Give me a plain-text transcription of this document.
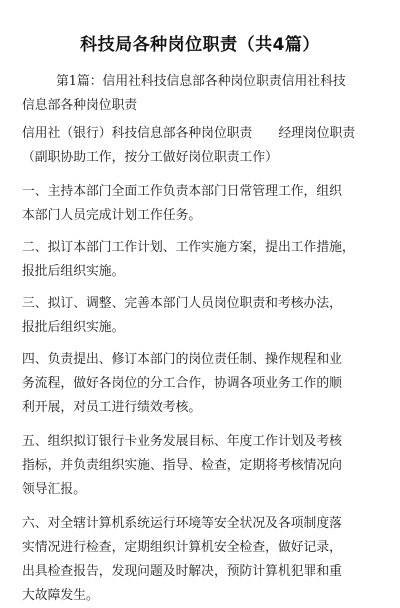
科技局各种岗位职责（共4篇）
第1篇：信用社科技信息部各种岗位职责信用社科技
信息部各种岗位职责
信用社（银行）科技信息部各种岗位职责 经理岗位职责
（副职协助工作，按分工做好岗位职责工作）
一、主持本部门全面工作负责本部门日常管理工作，组织
本部门人员完成计划工作任务。
二、拟订本部门工作计划、工作实施方案，提出工作措施，
报批后组织实施。
三、拟订、调整、完善本部门人员岗位职责和考核办法，
报批后组织实施。
四、负责提出、修订本部门的岗位责任制、操作规程和业
务流程，做好各岗位的分工合作，协调各项业务工作的顺
利开展，对员工进行绩效考核。
五、组织拟订银行卡业务发展目标、年度工作计划及考核
指标，并负责组织实施、指导、检查，定期将考核情况向
领导汇报。
六、对全辖计算机系统运行环境等安全状况及各项制度落
实情况进行检查，定期组织计算机安全检查，做好记录，
出具检查报告，发现问题及时解决，预防计算机犯罪和重
大故障发生。
